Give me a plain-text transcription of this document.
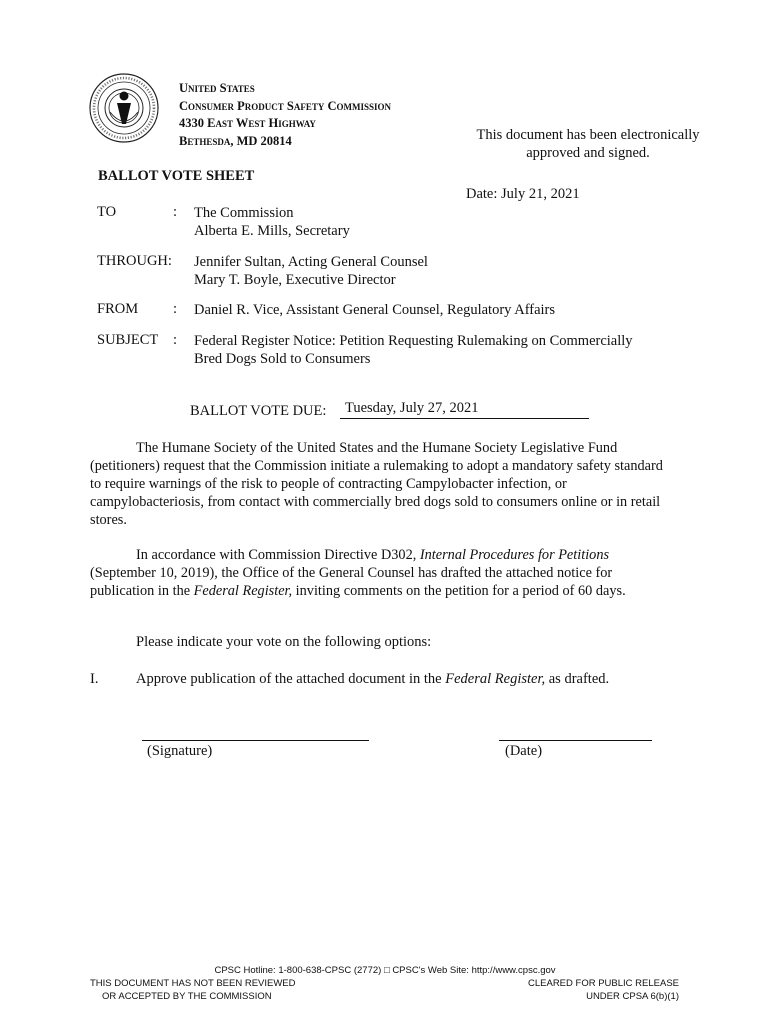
United States
Consumer Product Safety Commission
4330 East West Highway
Bethesda, MD 20814	This document has been electronically
approved and signed.
BALLOT VOTE SHEET
Date: July 21, 2021
TO	: The Commission
Alberta E. Mills, Secretary
THROUGH: Jennifer Sultan, Acting General Counsel
Mary T. Boyle, Executive Director
FROM : Daniel R. Vice, Assistant General Counsel, Regulatory Affairs
SUBJECT : Federal Register Notice: Petition Requesting Rulemaking on Commercially
Bred Dogs Sold to Consumers
BALLOT VOTE DUE: Tuesday, July 27, 2021

The Humane Society of the United States and the Humane Society Legislative Fund (petitioners) request that the Commission initiate a rulemaking to adopt a mandatory safety standard to require warnings of the risk to people of contracting Campylobacter infection, or campylobacteriosis, from contact with commercially bred dogs sold to consumers online or in retail stores.

In accordance with Commission Directive D302, Internal Procedures for Petitions (September 10, 2019), the Office of the General Counsel has drafted the attached notice for publication in the Federal Register, inviting comments on the petition for a period of 60 days.

Please indicate your vote on the following options:
I.	Approve publication of the attached document in the Federal Register, as drafted.
(Signature)	(Date)
CPSC Hotline: 1-800-638-CPSC (2772) □ CPSC's Web Site: http://www.cpsc.gov
THIS DOCUMENT HAS NOT BEEN REVIEWED
OR ACCEPTED BY THE COMMISSION
CLEARED FOR PUBLIC RELEASE
UNDER CPSA 6(b)(1)
